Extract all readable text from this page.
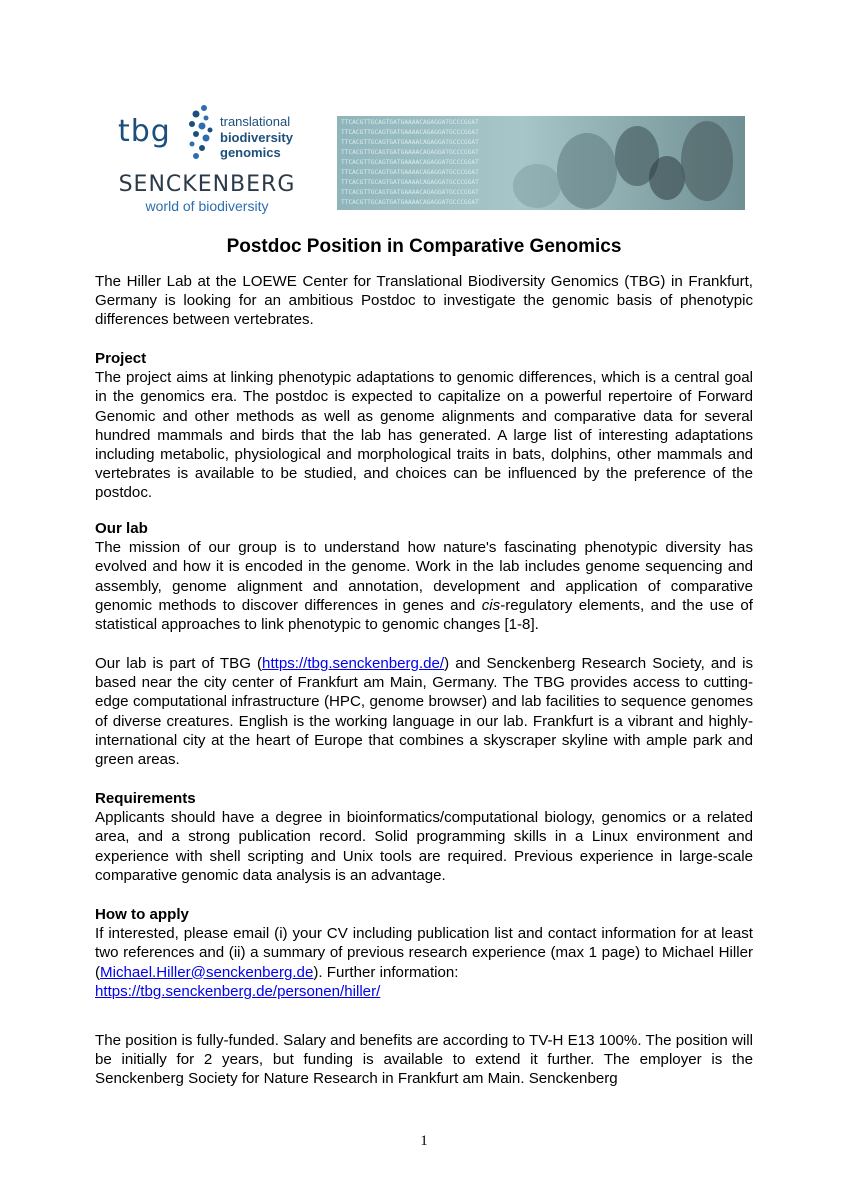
tbg	translational
biodiversity genomics
SENCKENBERG
world of biodiversity
TTCACGTTGCAGTGATGAAAACAGAGGATGCCCGGAT
TTCACGTTGCAGTGATGAAAACAGAGGATGCCCGGAT
TTCACGTTGCAGTGATGAAAACAGAGGATGCCCGGAT
TTCACGTTGCAGTGATGAAAACAGAGGATGCCCGGAT
TTCACGTTGCAGTGATGAAAACAGAGGATGCCCGGAT
TTCACGTTGCAGTGATGAAAACAGAGGATGCCCGGAT
TTCACGTTGCAGTGATGAAAACAGAGGATGCCCGGAT
TTCACGTTGCAGTGATGAAAACAGAGGATGCCCGGAT
TTCACGTTGCAGTGATGAAAACAGAGGATGCCCGGAT
Postdoc Position in Comparative Genomics
The Hiller Lab at the LOEWE Center for Translational Biodiversity Genomics (TBG) in Frankfurt, Germany is looking for an ambitious Postdoc to investigate the genomic basis of phenotypic differences between vertebrates.
Project
The project aims at linking phenotypic adaptations to genomic differences, which is a central goal in the genomics era. The postdoc is expected to capitalize on a powerful repertoire of Forward Genomic and other methods as well as genome alignments and comparative data for several hundred mammals and birds that the lab has generated. A large list of interesting adaptations including metabolic, physiological and morphological traits in bats, dolphins, other mammals and vertebrates is available to be studied, and choices can be influenced by the preference of the postdoc.
Our lab
The mission of our group is to understand how nature's fascinating phenotypic diversity has evolved and how it is encoded in the genome. Work in the lab includes genome sequencing and assembly, genome alignment and annotation, development and application of comparative genomic methods to discover differences in genes and cis-regulatory elements, and the use of statistical approaches to link phenotypic to genomic changes [1-8].
Our lab is part of TBG (https://tbg.senckenberg.de/) and Senckenberg Research Society, and is based near the city center of Frankfurt am Main, Germany. The TBG provides access to cutting-edge computational infrastructure (HPC, genome browser) and lab facilities to sequence genomes of diverse creatures. English is the working language in our lab. Frankfurt is a vibrant and highly-international city at the heart of Europe that combines a skyscraper skyline with ample park and green areas.
Requirements
Applicants should have a degree in bioinformatics/computational biology, genomics or a related area, and a strong publication record. Solid programming skills in a Linux environment and experience with shell scripting and Unix tools are required. Previous experience in large-scale comparative genomic data analysis is an advantage.
How to apply
If interested, please email (i) your CV including publication list and contact information for at least two references and (ii) a summary of previous research experience (max 1 page) to Michael Hiller (Michael.Hiller@senckenberg.de). Further information:
https://tbg.senckenberg.de/personen/hiller/
The position is fully-funded. Salary and benefits are according to TV-H E13 100%. The position will be initially for 2 years, but funding is available to extend it further. The employer is the Senckenberg Society for Nature Research in Frankfurt am Main. Senckenberg
1
